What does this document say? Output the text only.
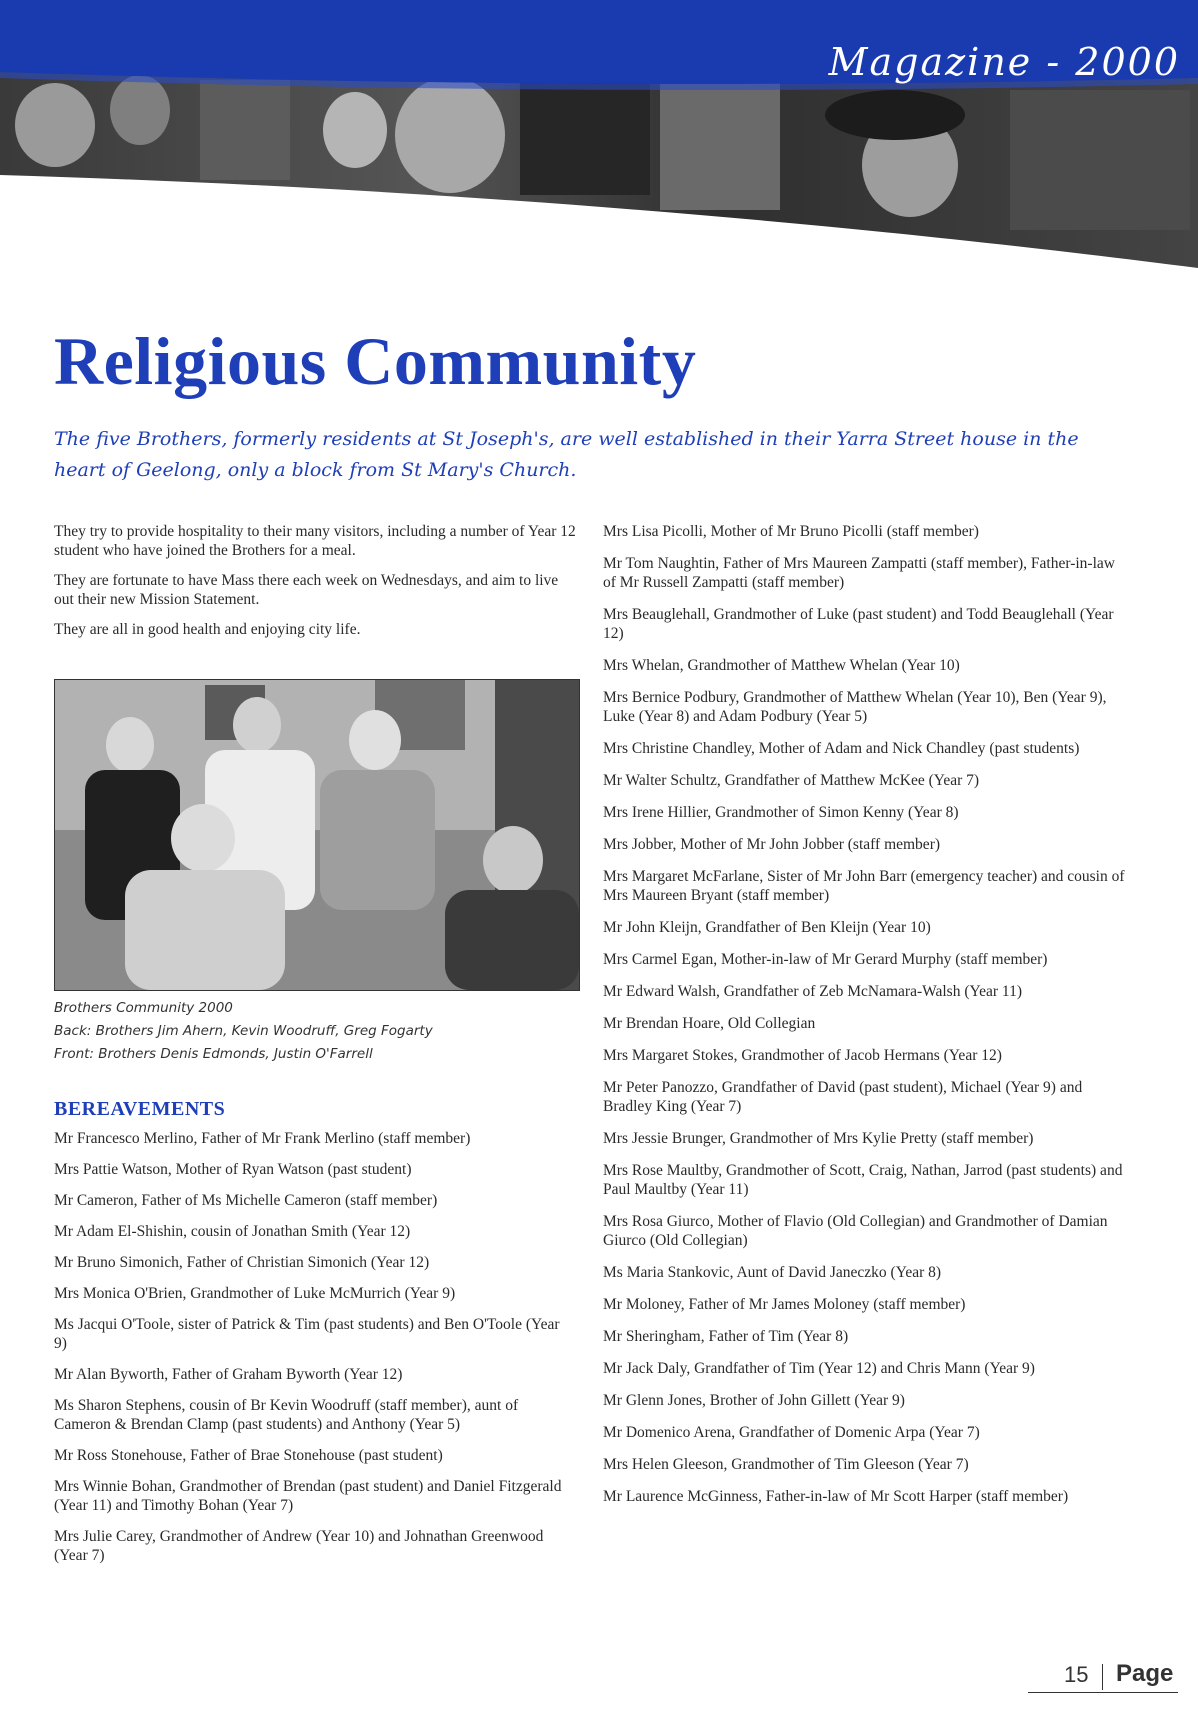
Magazine - 2000
Religious Community

The five Brothers, formerly residents at St Joseph's, are well established in their Yarra Street house in the heart of Geelong, only a block from St Mary's Church.

They try to provide hospitality to their many visitors, including a number of Year 12 student who have joined the Brothers for a meal.

They are fortunate to have Mass there each week on Wednesdays, and aim to live out their new Mission Statement.

They are all in good health and enjoying city life.

Brothers Community 2000
Back: Brothers Jim Ahern, Kevin Woodruff, Greg Fogarty
Front: Brothers Denis Edmonds, Justin O'Farrell
BEREAVEMENTS

Mr Francesco Merlino, Father of Mr Frank Merlino (staff member)

Mrs Pattie Watson, Mother of Ryan Watson (past student)

Mr Cameron, Father of Ms Michelle Cameron (staff member)

Mr Adam El-Shishin, cousin of Jonathan Smith (Year 12)

Mr Bruno Simonich, Father of Christian Simonich (Year 12)

Mrs Monica O'Brien, Grandmother of Luke McMurrich (Year 9)

Ms Jacqui O'Toole, sister of Patrick & Tim (past students) and Ben O'Toole (Year 9)

Mr Alan Byworth, Father of Graham Byworth (Year 12)

Ms Sharon Stephens, cousin of Br Kevin Woodruff (staff member), aunt of Cameron & Brendan Clamp (past students) and Anthony (Year 5)

Mr Ross Stonehouse, Father of Brae Stonehouse (past student)

Mrs Winnie Bohan, Grandmother of Brendan (past student) and Daniel Fitzgerald (Year 11) and Timothy Bohan (Year 7)

Mrs Julie Carey, Grandmother of Andrew (Year 10) and Johnathan Greenwood (Year 7)

Mrs Lisa Picolli, Mother of Mr Bruno Picolli (staff member)

Mr Tom Naughtin, Father of Mrs Maureen Zampatti (staff member), Father-in-law of Mr Russell Zampatti (staff member)

Mrs Beauglehall, Grandmother of Luke (past student) and Todd Beauglehall (Year 12)

Mrs Whelan, Grandmother of Matthew Whelan (Year 10)

Mrs Bernice Podbury, Grandmother of Matthew Whelan (Year 10), Ben (Year 9), Luke (Year 8) and Adam Podbury (Year 5)

Mrs Christine Chandley, Mother of Adam and Nick Chandley (past students)

Mr Walter Schultz, Grandfather of Matthew McKee (Year 7)

Mrs Irene Hillier, Grandmother of Simon Kenny (Year 8)

Mrs Jobber, Mother of Mr John Jobber (staff member)

Mrs Margaret McFarlane, Sister of Mr John Barr (emergency teacher) and cousin of Mrs Maureen Bryant (staff member)

Mr John Kleijn, Grandfather of Ben Kleijn (Year 10)

Mrs Carmel Egan, Mother-in-law of Mr Gerard Murphy (staff member)

Mr Edward Walsh, Grandfather of Zeb McNamara-Walsh (Year 11)

Mr Brendan Hoare, Old Collegian

Mrs Margaret Stokes, Grandmother of Jacob Hermans (Year 12)

Mr Peter Panozzo, Grandfather of David (past student), Michael (Year 9) and Bradley King (Year 7)

Mrs Jessie Brunger, Grandmother of Mrs Kylie Pretty (staff member)

Mrs Rose Maultby, Grandmother of Scott, Craig, Nathan, Jarrod (past students) and Paul Maultby (Year 11)

Mrs Rosa Giurco, Mother of Flavio (Old Collegian) and Grandmother of Damian Giurco (Old Collegian)

Ms Maria Stankovic, Aunt of David Janeczko (Year 8)

Mr Moloney, Father of Mr James Moloney (staff member)

Mr Sheringham, Father of Tim (Year 8)

Mr Jack Daly, Grandfather of Tim (Year 12) and Chris Mann (Year 9)

Mr Glenn Jones, Brother of John Gillett (Year 9)

Mr Domenico Arena, Grandfather of Domenic Arpa (Year 7)

Mrs Helen Gleeson, Grandmother of Tim Gleeson (Year 7)

Mr Laurence McGinness, Father-in-law of Mr Scott Harper (staff member)

15 Page
